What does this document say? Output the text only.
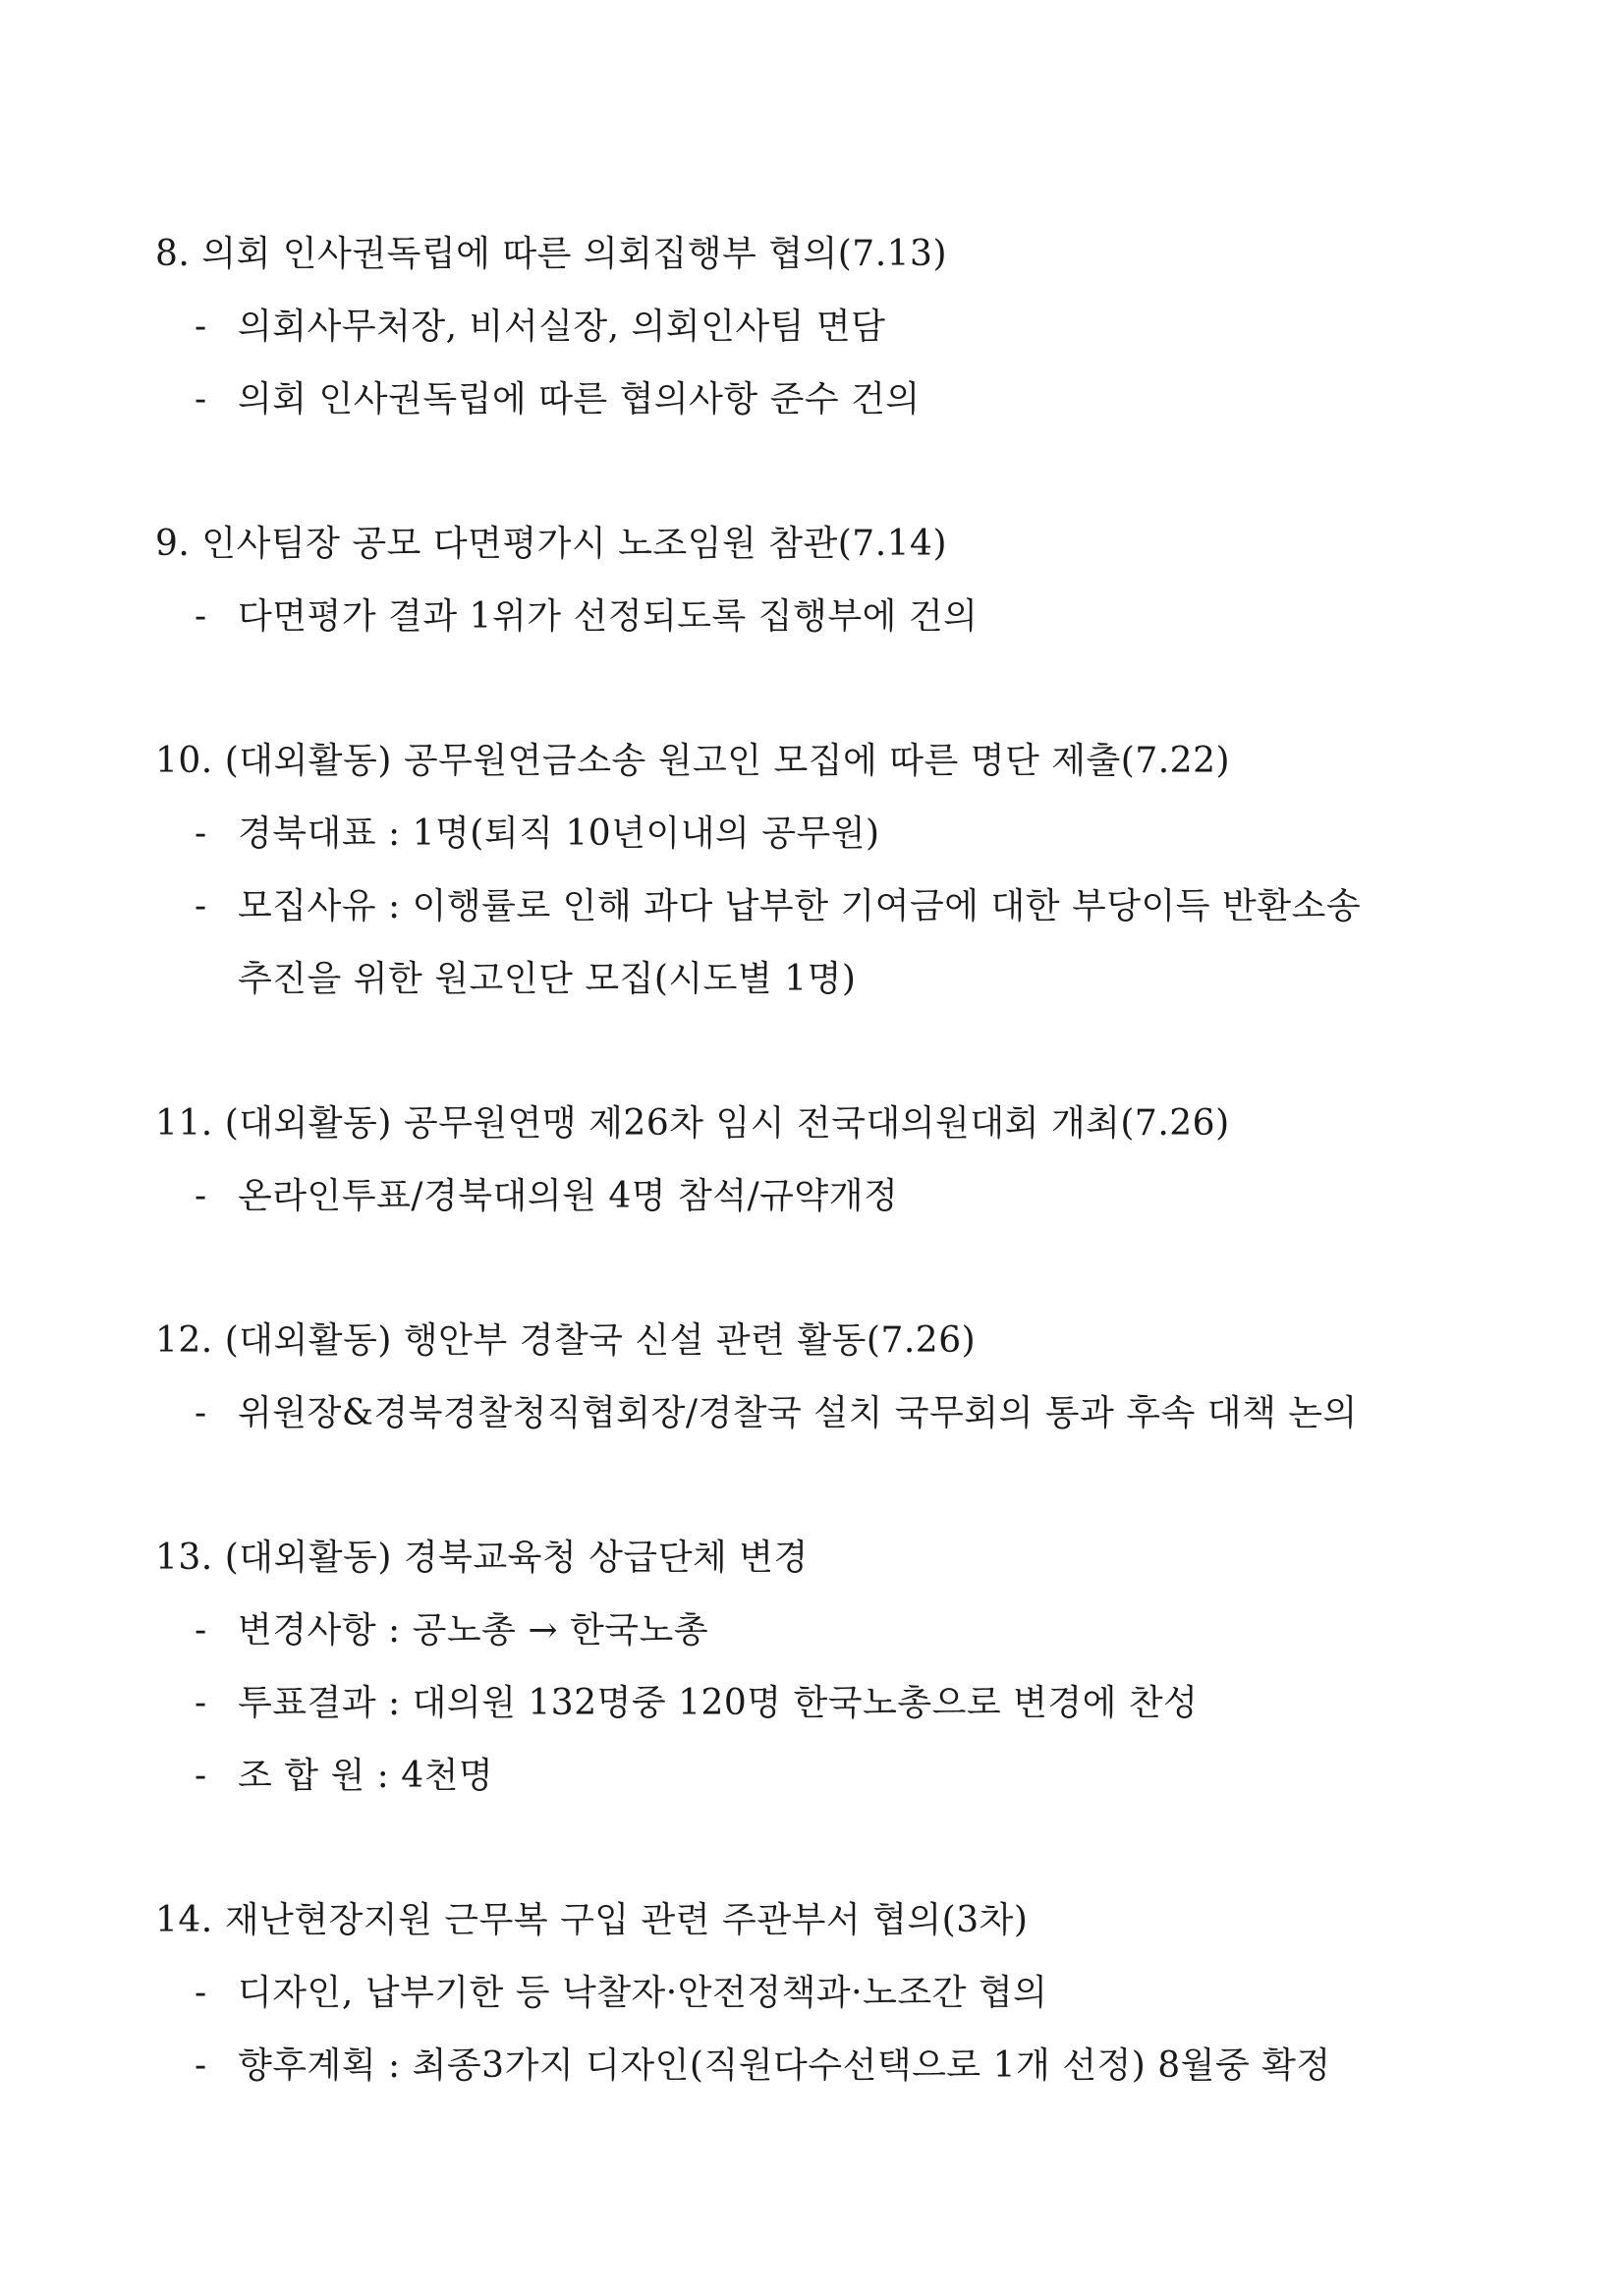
8. 의회 인사권독립에 따른 의회집행부 협의(7.13)
- 의회사무처장, 비서실장, 의회인사팀 면담
- 의회 인사권독립에 따른 협의사항 준수 건의
9. 인사팀장 공모 다면평가시 노조임원 참관(7.14)
- 다면평가 결과 1위가 선정되도록 집행부에 건의
10. (대외활동) 공무원연금소송 원고인 모집에 따른 명단 제출(7.22)
- 경북대표 : 1명(퇴직 10년이내의 공무원)
- 모집사유 : 이행률로 인해 과다 납부한 기여금에 대한 부당이득 반환소송
추진을 위한 원고인단 모집(시도별 1명)
11. (대외활동) 공무원연맹 제26차 임시 전국대의원대회 개최(7.26)
- 온라인투표/경북대의원 4명 참석/규약개정
12. (대외활동) 행안부 경찰국 신설 관련 활동(7.26)
- 위원장&경북경찰청직협회장/경찰국 설치 국무회의 통과 후속 대책 논의
13. (대외활동) 경북교육청 상급단체 변경
- 변경사항 : 공노총 → 한국노총
- 투표결과 : 대의원 132명중 120명 한국노총으로 변경에 찬성
- 조 합 원 : 4천명
14. 재난현장지원 근무복 구입 관련 주관부서 협의(3차)
- 디자인, 납부기한 등 낙찰자·안전정책과·노조간 협의
- 향후계획 : 최종3가지 디자인(직원다수선택으로 1개 선정) 8월중 확정
